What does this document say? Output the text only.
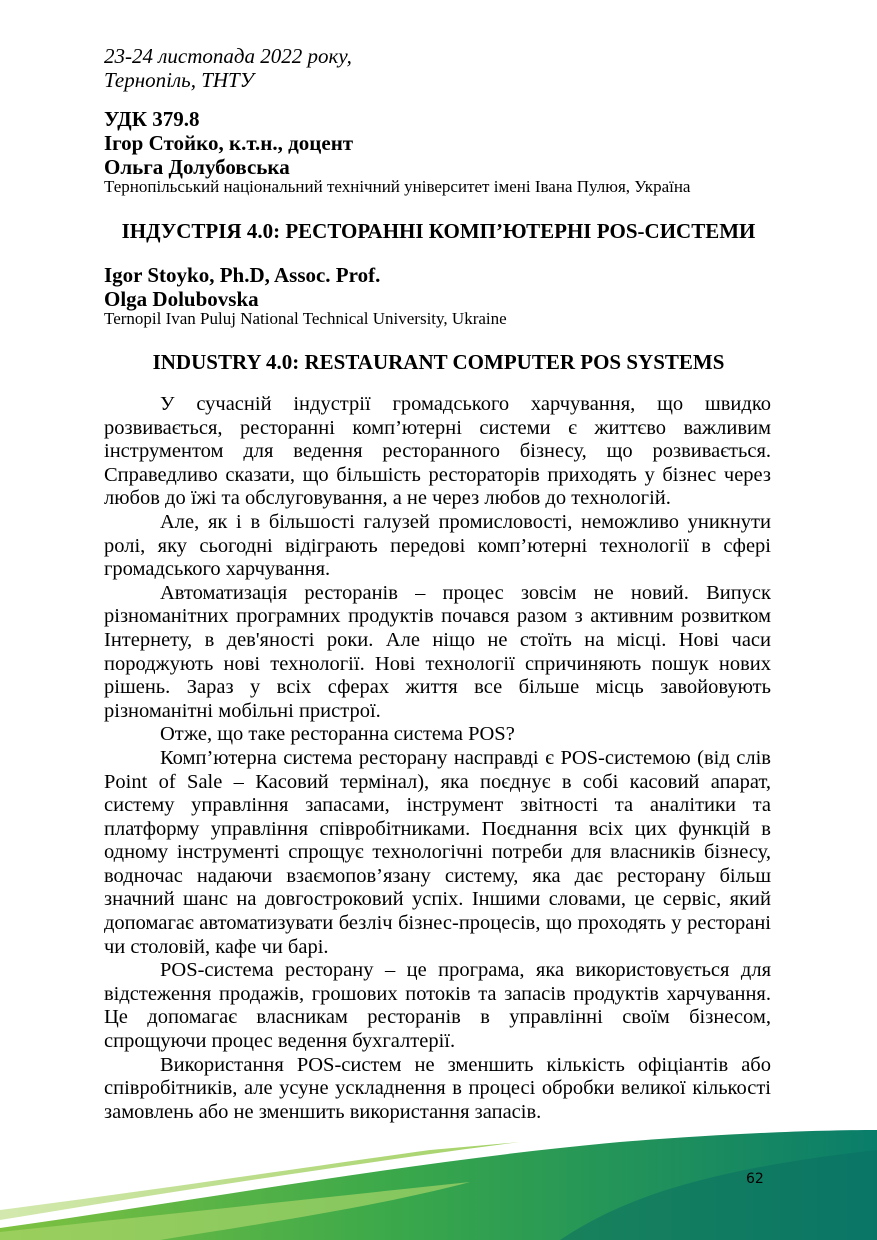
23-24 листопада 2022 року,
Тернопіль, ТНТУ
УДК 379.8
Ігор Стойко, к.т.н., доцент
Ольга Долубовська
Тернопільський національний технічний університет імені Івана Пулюя, Україна
ІНДУСТРІЯ 4.0: РЕСТОРАННІ КОМП’ЮТЕРНІ POS-СИСТЕМИ
Igor Stoyko, Ph.D, Assoc. Prof.
Olga Dolubovska
Ternopil Ivan Puluj National Technical University, Ukraine
INDUSTRY 4.0: RESTAURANT COMPUTER POS SYSTEMS

У сучасній індустрії громадського харчування, що швидко розвивається, ресторанні комп’ютерні системи є життєво важливим інструментом для ведення ресторанного бізнесу, що розвивається. Справедливо сказати, що більшість рестораторів приходять у бізнес через любов до їжі та обслуговування, а не через любов до технологій.

Але, як і в більшості галузей промисловості, неможливо уникнути ролі, яку сьогодні відіграють передові комп’ютерні технології в сфері громадського харчування.

Автоматизація ресторанів – процес зовсім не новий. Випуск різноманітних програмних продуктів почався разом з активним розвитком Інтернету, в дев'яності роки. Але ніщо не стоїть на місці. Нові часи породжують нові технології. Нові технології спричиняють пошук нових рішень. Зараз у всіх сферах життя все більше місць завойовують різноманітні мобільні пристрої.

Отже, що таке ресторанна система POS?

Комп’ютерна система ресторану насправді є POS-системою (від слів Point of Sale – Касовий термінал), яка поєднує в собі касовий апарат, систему управління запасами, інструмент звітності та аналітики та платформу управління співробітниками. Поєднання всіх цих функцій в одному інструменті спрощує технологічні потреби для власників бізнесу, водночас надаючи взаємопов’язану систему, яка дає ресторану більш значний шанс на довгостроковий успіх. Іншими словами, це сервіс, який допомагає автоматизувати безліч бізнес-процесів, що проходять у ресторані чи столовій, кафе чи барі.

POS-система ресторану – це програма, яка використовується для відстеження продажів, грошових потоків та запасів продуктів харчування. Це допомагає власникам ресторанів в управлінні своїм бізнесом, спрощуючи процес ведення бухгалтерії.

Використання POS-систем не зменшить кількість офіціантів або співробітників, але усуне ускладнення в процесі обробки великої кількості замовлень або не зменшить використання запасів.

62
